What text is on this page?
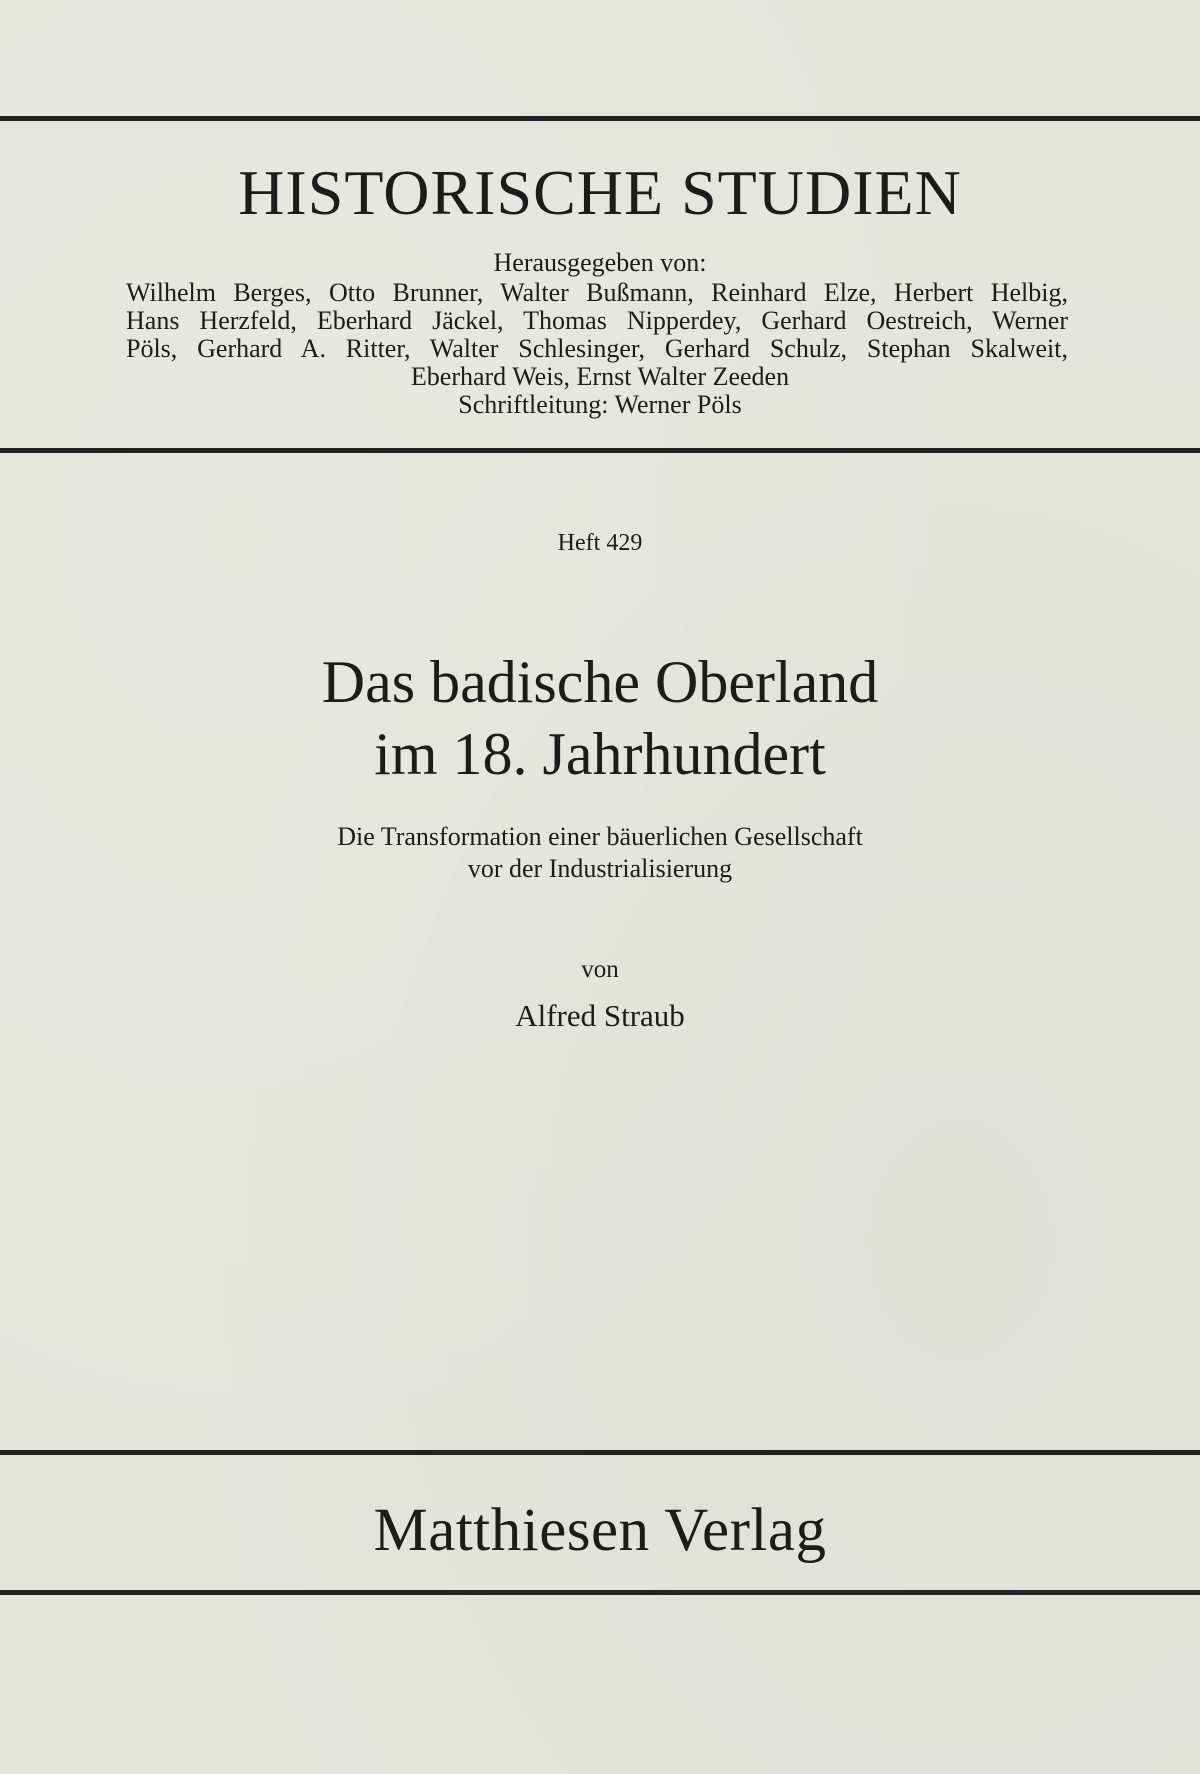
HISTORISCHE STUDIEN
Herausgegeben von:
Wilhelm Berges, Otto Brunner, Walter Bußmann, Reinhard Elze, Herbert Helbig,
Hans Herzfeld, Eberhard Jäckel, Thomas Nipperdey, Gerhard Oestreich, Werner
Pöls, Gerhard A. Ritter, Walter Schlesinger, Gerhard Schulz, Stephan Skalweit,
Eberhard Weis, Ernst Walter Zeeden
Schriftleitung: Werner Pöls
Heft 429
Das badische Oberland
im 18. Jahrhundert
Die Transformation einer bäuerlichen Gesellschaft
vor der Industrialisierung
von
Alfred Straub
Matthiesen Verlag
